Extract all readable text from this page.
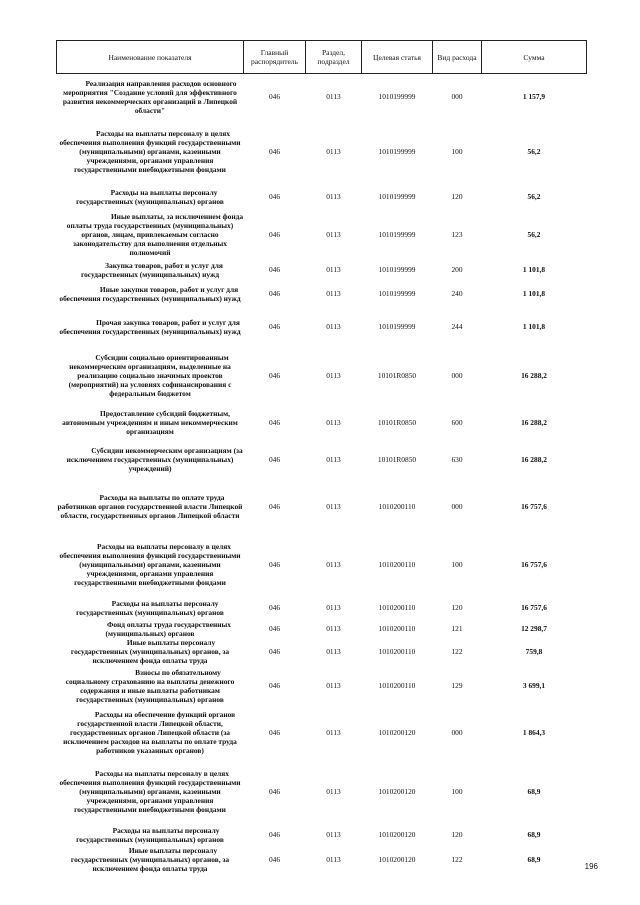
Наименование показателя	Главный распорядитель	Раздел, подраздел	Целевая статья	Вид расхода	Сумма

Реализация направления расходов основного мероприятия "Создание условий для эффективного развития некоммерческих организаций в Липецкой области"	046	0113	1010199999	000	1 157,9

Расходы на выплаты персоналу в целях обеспечения выполнения функций государственными (муниципальными) органами, казенными учреждениями, органами управления государственными внебюджетными фондами	046	0113	1010199999	100	56,2

Расходы на выплаты персоналу государственных (муниципальных) органов	046	0113	1010199999	120	56,2

Иные выплаты, за исключением фонда оплаты труда государственных (муниципальных) органов, лицам, привлекаемым согласно законодательству для выполнения отдельных полномочий	046	0113	1010199999	123	56,2

Закупка товаров, работ и услуг для государственных (муниципальных) нужд	046	0113	1010199999	200	1 101,8

Иные закупки товаров, работ и услуг для обеспечения государственных (муниципальных) нужд	046	0113	1010199999	240	1 101,8

Прочая закупка товаров, работ и услуг для обеспечения государственных (муниципальных) нужд	046	0113	1010199999	244	1 101,8

Субсидии социально ориентированным некоммерческим организациям, выделенные на реализацию социально значимых проектов (мероприятий) на условиях софинансирования с федеральным бюджетом	046	0113	10101R0850	000	16 288,2

Предоставление субсидий бюджетным, автономным учреждениям и иным некоммерческим организациям	046	0113	10101R0850	600	16 288,2

Субсидии некоммерческим организациям (за исключением государственных (муниципальных) учреждений)	046	0113	10101R0850	630	16 288,2

Расходы на выплаты по оплате труда работников органов государственной власти Липецкой области, государственных органов Липецкой области	046	0113	1010200110	000	16 757,6

Расходы на выплаты персоналу в целях обеспечения выполнения функций государственными (муниципальными) органами, казенными учреждениями, органами управления государственными внебюджетными фондами	046	0113	1010200110	100	16 757,6

Расходы на выплаты персоналу государственных (муниципальных) органов	046	0113	1010200110	120	16 757,6

Фонд оплаты труда государственных (муниципальных) органов	046	0113	1010200110	121	12 298,7

Иные выплаты персоналу государственных (муниципальных) органов, за исключением фонда оплаты труда	046	0113	1010200110	122	759,8

Взносы по обязательному социальному страхованию на выплаты денежного содержания и иные выплаты работникам государственных (муниципальных) органов	046	0113	1010200110	129	3 699,1

Расходы на обеспечение функций органов государственной власти Липецкой области, государственных органов Липецкой области (за исключением расходов на выплаты по оплате труда работников указанных органов)	046	0113	1010200120	000	1 864,3

Расходы на выплаты персоналу в целях обеспечения выполнения функций государственными (муниципальными) органами, казенными учреждениями, органами управления государственными внебюджетными фондами	046	0113	1010200120	100	68,9

Расходы на выплаты персоналу государственных (муниципальных) органов	046	0113	1010200120	120	68,9

Иные выплаты персоналу государственных (муниципальных) органов, за исключением фонда оплаты труда	046	0113	1010200120	122	68,9
196
